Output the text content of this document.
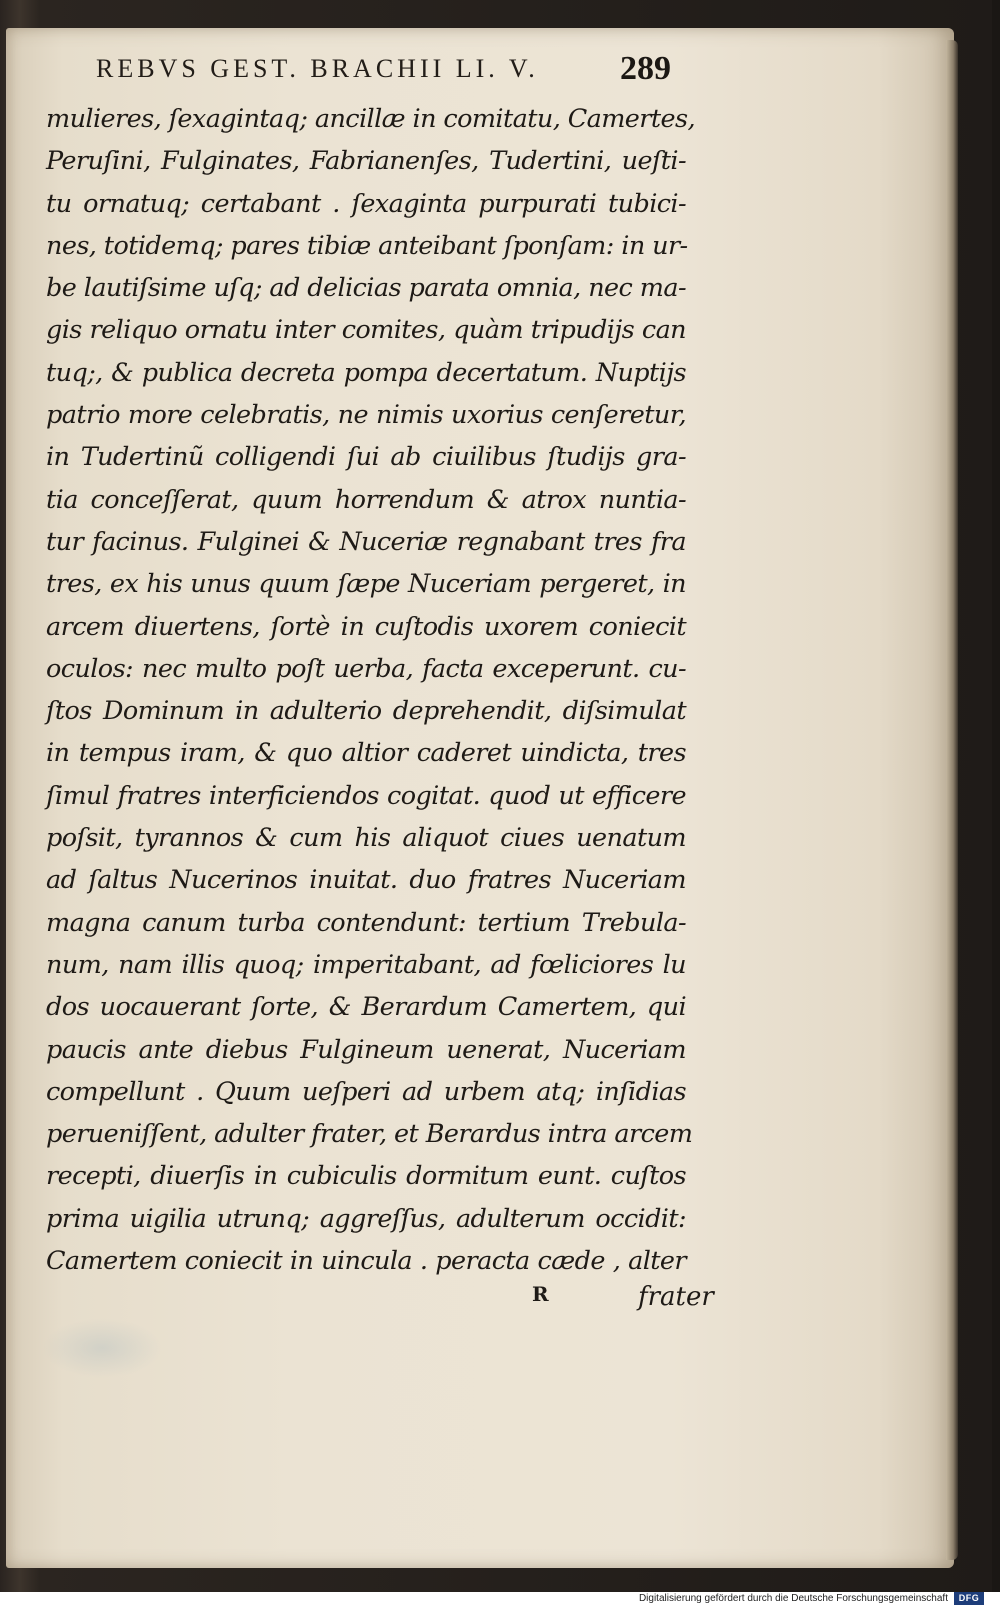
REBVS GEST. BRACHII LI. V.	289
mulieres, ſexagintaq; ancillæ in comitatu, Camertes,
Peruſini, Fulginates, Fabrianenſes, Tudertini, ueſti-
tu ornatuq; certabant . ſexaginta purpurati tubici-
nes, totidemq; pares tibiæ anteibant ſponſam: in ur-
be lautiſsime uſq; ad delicias parata omnia, nec ma-
gis reliquo ornatu inter comites, quàm tripudijs can
tuq;, & publica decreta pompa decertatum. Nuptijs
patrio more celebratis, ne nimis uxorius cenſeretur,
in Tudertinũ colligendi ſui ab ciuilibus ſtudijs gra-
tia conceſſerat, quum horrendum & atrox nuntia-
tur facinus. Fulginei & Nuceriæ regnabant tres fra
tres, ex his unus quum ſæpe Nuceriam pergeret, in
arcem diuertens, ſortè in cuſtodis uxorem coniecit
oculos: nec multo poſt uerba, facta exceperunt. cu-
ſtos Dominum in adulterio deprehendit, diſsimulat
in tempus iram, & quo altior caderet uindicta, tres
ſimul fratres interficiendos cogitat. quod ut efficere
poſsit, tyrannos & cum his aliquot ciues uenatum
ad ſaltus Nucerinos inuitat. duo fratres Nuceriam
magna canum turba contendunt: tertium Trebula-
num, nam illis quoq; imperitabant, ad fœliciores lu
dos uocauerant ſorte, & Berardum Camertem, qui
paucis ante diebus Fulgineum uenerat, Nuceriam
compellunt . Quum ueſperi ad urbem atq; inſidias
perueniſſent, adulter frater, et Berardus intra arcem
recepti, diuerſis in cubiculis dormitum eunt. cuſtos
prima uigilia utrunq; aggreſſus, adulterum occidit:
Camertem coniecit in uincula . peracta cæde , alter
R	frater
Digitalisierung gefördert durch die Deutsche Forschungsgemeinschaft	DFG
